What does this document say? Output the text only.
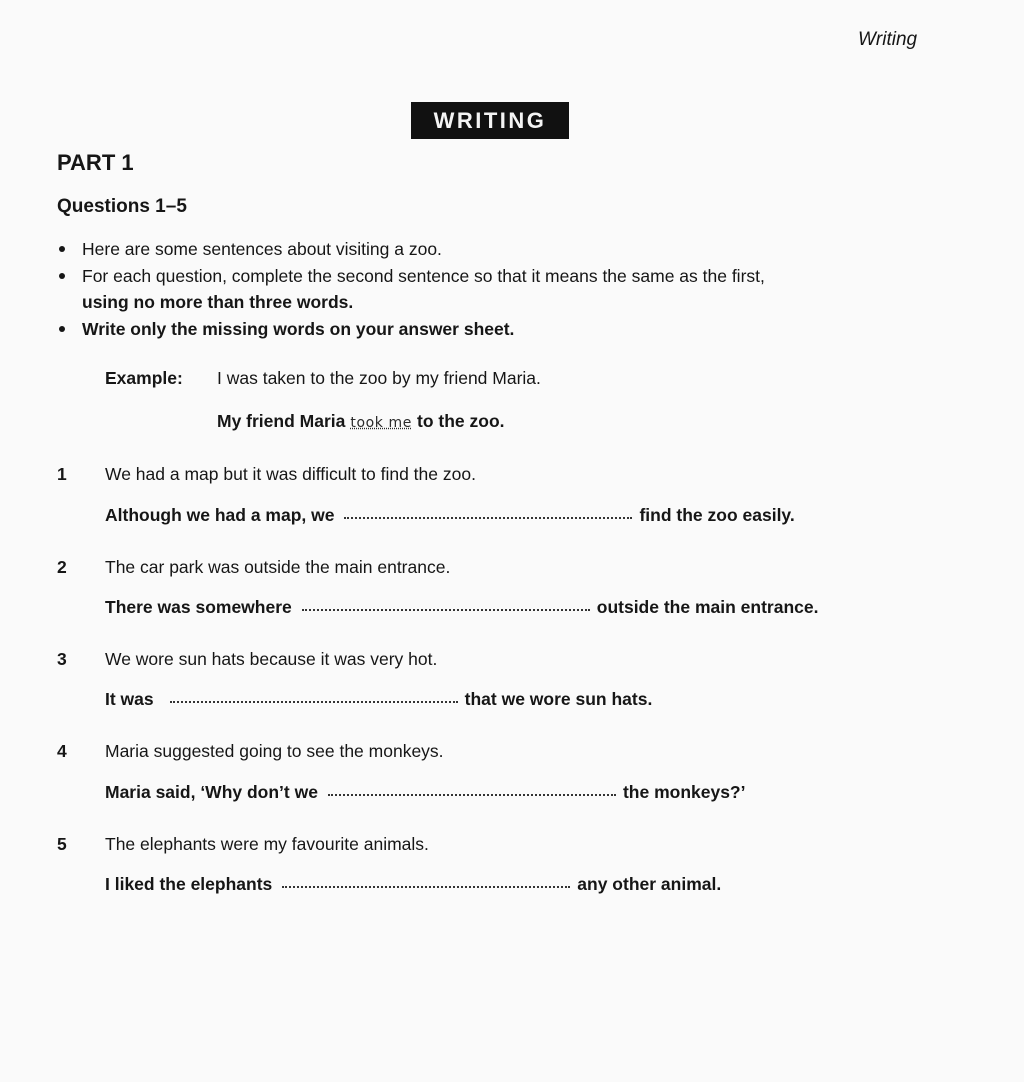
Writing
WRITING
PART 1
Questions 1–5
Here are some sentences about visiting a zoo.
For each question, complete the second sentence so that it means the same as the first,
using no more than three words.
Write only the missing words on your answer sheet.
Example: I was taken to the zoo by my friend Maria.
My friend Maria took me to the zoo.
1 We had a map but it was difficult to find the zoo.
Although we had a map, we	find the zoo easily.
2 The car park was outside the main entrance.
There was somewhere	outside the main entrance.
3 We wore sun hats because it was very hot.
It was	that we wore sun hats.
4 Maria suggested going to see the monkeys.
Maria said, ‘Why don’t we	the monkeys?’
5 The elephants were my favourite animals.
I liked the elephants	any other animal.
